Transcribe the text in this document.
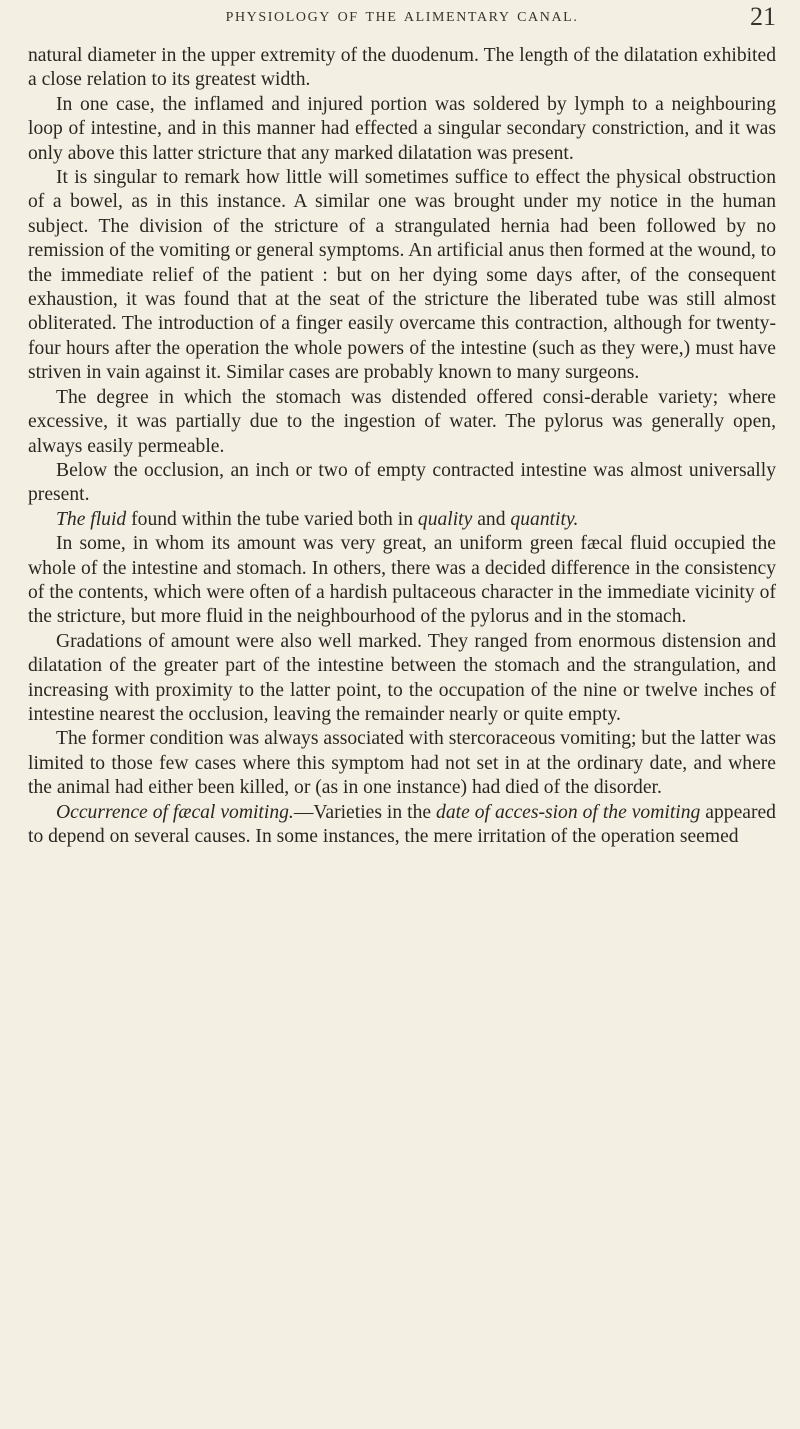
PHYSIOLOGY OF THE ALIMENTARY CANAL.	21

natural diameter in the upper extremity of the duodenum. The length of the dilatation exhibited a close relation to its greatest width.

In one case, the inflamed and injured portion was soldered by lymph to a neighbouring loop of intestine, and in this manner had effected a singular secondary constriction, and it was only above this latter stricture that any marked dilatation was present.

It is singular to remark how little will sometimes suffice to effect the physical obstruction of a bowel, as in this instance. A similar one was brought under my notice in the human subject. The division of the stricture of a strangulated hernia had been followed by no remission of the vomiting or general symptoms. An artificial anus then formed at the wound, to the immediate relief of the patient : but on her dying some days after, of the consequent exhaustion, it was found that at the seat of the stricture the liberated tube was still almost obliterated. The introduction of a finger easily overcame this contraction, although for twenty-four hours after the operation the whole powers of the intestine (such as they were,) must have striven in vain against it. Similar cases are probably known to many surgeons.

The degree in which the stomach was distended offered consi-derable variety; where excessive, it was partially due to the ingestion of water. The pylorus was generally open, always easily permeable.

Below the occlusion, an inch or two of empty contracted intestine was almost universally present.

The fluid found within the tube varied both in quality and quantity.

In some, in whom its amount was very great, an uniform green fæcal fluid occupied the whole of the intestine and stomach. In others, there was a decided difference in the consistency of the contents, which were often of a hardish pultaceous character in the immediate vicinity of the stricture, but more fluid in the neighbourhood of the pylorus and in the stomach.

Gradations of amount were also well marked. They ranged from enormous distension and dilatation of the greater part of the intestine between the stomach and the strangulation, and increasing with proximity to the latter point, to the occupation of the nine or twelve inches of intestine nearest the occlusion, leaving the remainder nearly or quite empty.

The former condition was always associated with stercoraceous vomiting; but the latter was limited to those few cases where this symptom had not set in at the ordinary date, and where the animal had either been killed, or (as in one instance) had died of the disorder.

Occurrence of fæcal vomiting.—Varieties in the date of acces-sion of the vomiting appeared to depend on several causes. In some instances, the mere irritation of the operation seemed
